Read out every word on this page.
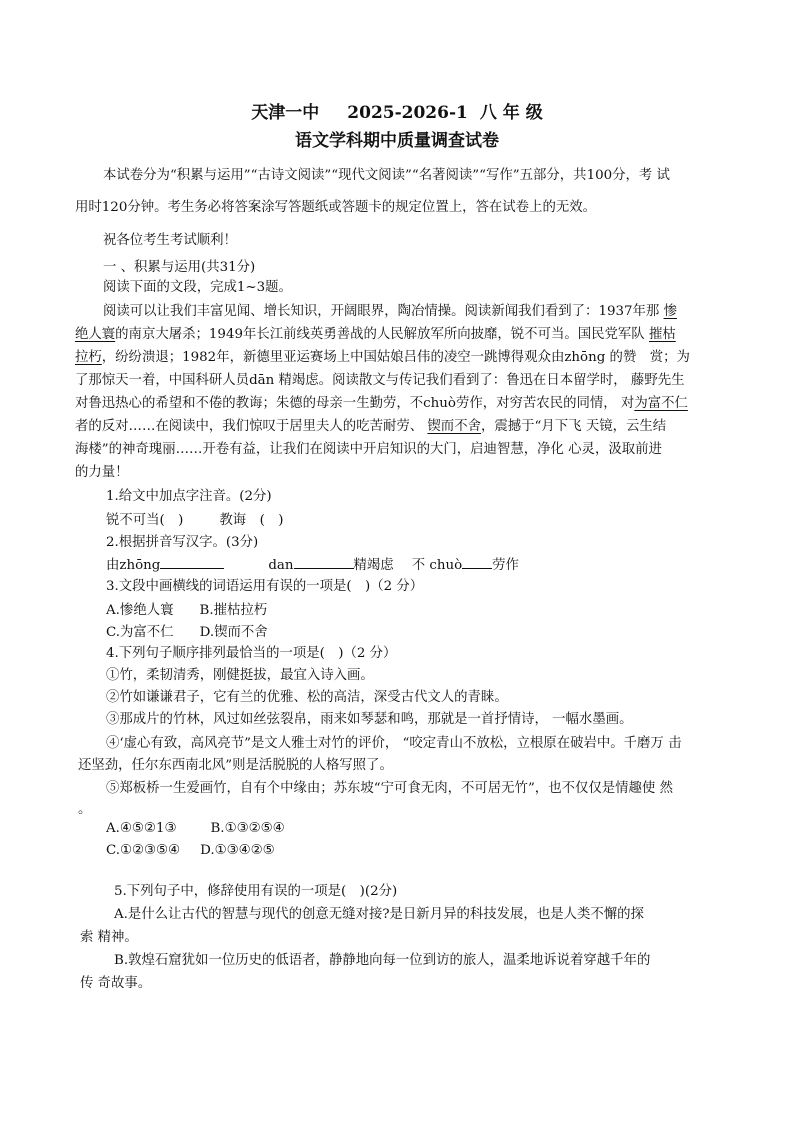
天津一中 2025-2026-1 八 年 级
语文学科期中质量调查试卷
本试卷分为“积累与运用”“古诗文阅读”“现代文阅读”“名著阅读”“写作”五部分，共100分，考 试
用时120分钟。考生务必将答案涂写答题纸或答题卡的规定位置上，答在试卷上的无效。
祝各位考生考试顺利！
一 、积累与运用(共31分)
阅读下面的文段，完成1~3题。
阅读可以让我们丰富见闻、增长知识，开阔眼界，陶冶情操。阅读新闻我们看到了：1937年那 惨
绝人寰的南京大屠杀；1949年长江前线英勇善战的人民解放军所向披靡，锐不可当。国民党军队 摧枯
拉朽，纷纷溃退；1982年，新德里亚运赛场上中国姑娘吕伟的凌空一跳博得观众由zhōng 的赞　赏；为
了那惊天一着，中国科研人员dān 精竭虑。阅读散文与传记我们看到了：鲁迅在日本留学时， 藤野先生
对鲁迅热心的希望和不倦的教诲；朱德的母亲一生勤劳，不chuò劳作，对穷苦农民的同情， 对为富不仁
者的反对……在阅读中，我们惊叹于居里夫人的吃苦耐劳、 锲而不舍，震撼于“月下飞 天镜，云生结
海楼”的神奇瑰丽……开卷有益，让我们在阅读中开启知识的大门，启迪智慧，净化 心灵，汲取前进
的力量！
1.给文中加点字注音。(2分)
锐不可当(　)	教诲　(　)
2.根据拼音写汉字。(3分)
由zhōng	dan	精竭虑 不 chuò 劳作
3.文段中画横线的词语运用有误的一项是(　)（2 分）
A.惨绝人寰 B.摧枯拉朽
C.为富不仁 D.锲而不舍
4.下列句子顺序排列最恰当的一项是(　)（2 分）
①竹，柔韧清秀，刚健挺拔，最宜入诗入画。
②竹如谦谦君子，它有兰的优雅、松的高洁，深受古代文人的青睐。
③那成片的竹林，风过如丝弦裂帛，雨来如琴瑟和鸣，那就是一首抒情诗， 一幅水墨画。
④‘虚心有致，高风亮节”是文人雅士对竹的评价， “咬定青山不放松，立根原在破岩中。千磨万 击
还坚劲，任尔东西南北风”则是活脱脱的人格写照了。
⑤郑板桥一生爱画竹，自有个中缘由；苏东坡“宁可食无肉，不可居无竹”，也不仅仅是情趣使 然
。
A.④⑤②1③	B.①③②⑤④
C.①②③⑤④ D.①③④②⑤
5.下列句子中，修辞使用有误的一项是(　)(2分)
A.是什么让古代的智慧与现代的创意无缝对接?是日新月异的科技发展，也是人类不懈的探
索 精神。
B.敦煌石窟犹如一位历史的低语者，静静地向每一位到访的旅人，温柔地诉说着穿越千年的
传 奇故事。
